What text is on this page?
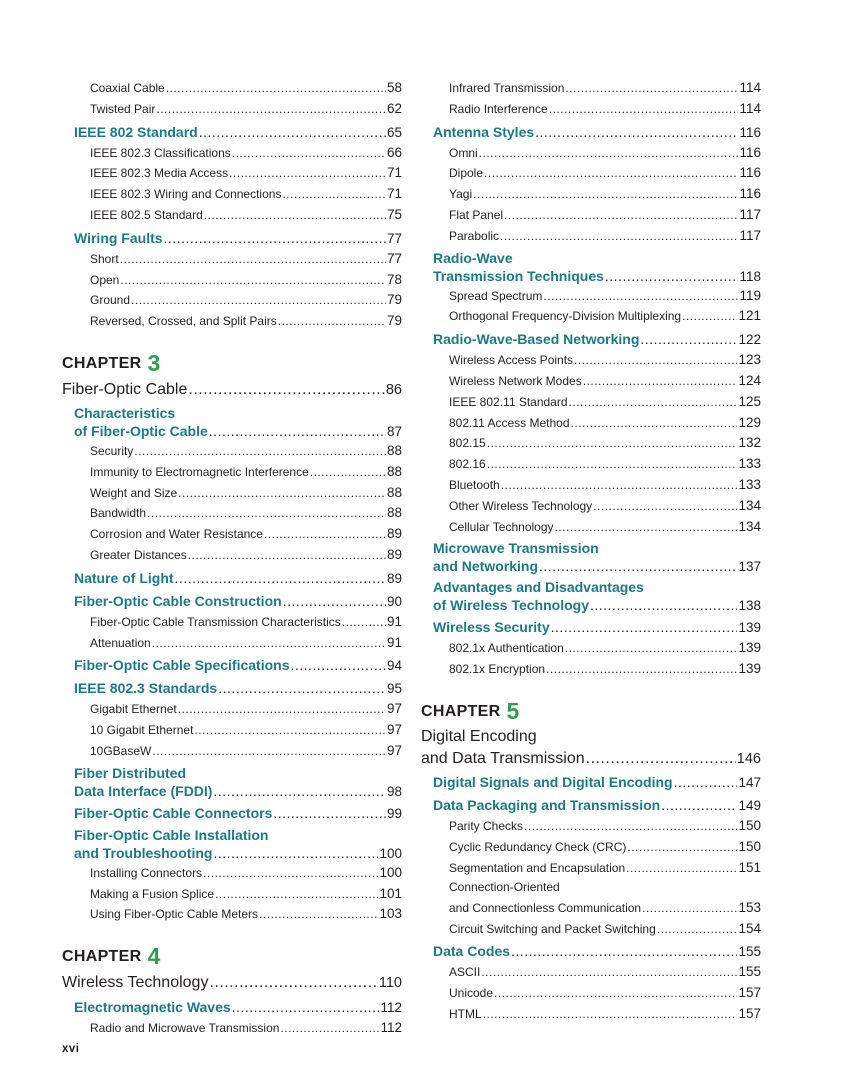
Coaxial Cable .....	58
Twisted Pair .....	62
IEEE 802 Standard .....	65
IEEE 802.3 Classifications .....	66
IEEE 802.3 Media Access .....	71
IEEE 802.3 Wiring and Connections .....	71
IEEE 802.5 Standard .....	75
Wiring Faults .....	77
Short .....	77
Open .....	78
Ground .....	79
Reversed, Crossed, and Split Pairs .....	79
CHAPTER 3
Fiber-Optic Cable .....	86
Characteristics
of Fiber-Optic Cable .....	87
Security .....	88
Immunity to Electromagnetic Interference .....	88
Weight and Size .....	88
Bandwidth .....	88
Corrosion and Water Resistance .....	89
Greater Distances .....	89
Nature of Light .....	89
Fiber-Optic Cable Construction .....	90
Fiber-Optic Cable Transmission Characteristics .....	91
Attenuation .....	91
Fiber-Optic Cable Specifications .....	94
IEEE 802.3 Standards .....	95
Gigabit Ethernet .....	97
10 Gigabit Ethernet .....	97
10GBaseW .....	97
Fiber Distributed
Data Interface (FDDI) .....	98
Fiber-Optic Cable Connectors .....	99
Fiber-Optic Cable Installation
and Troubleshooting .....	100
Installing Connectors .....	100
Making a Fusion Splice .....	101
Using Fiber-Optic Cable Meters .....	103
CHAPTER 4
Wireless Technology .....	110
Electromagnetic Waves .....	112
Radio and Microwave Transmission .....	112
Infrared Transmission .....	114
Radio Interference .....	114
Antenna Styles .....	116
Omni .....	116
Dipole .....	116
Yagi .....	116
Flat Panel .....	117
Parabolic .....	117
Radio-Wave
Transmission Techniques .....	118
Spread Spectrum .....	119
Orthogonal Frequency-Division Multiplexing .....	121
Radio-Wave-Based Networking .....	122
Wireless Access Points .....	123
Wireless Network Modes .....	124
IEEE 802.11 Standard .....	125
802.11 Access Method .....	129
802.15 .....	132
802.16 .....	133
Bluetooth .....	133
Other Wireless Technology .....	134
Cellular Technology .....	134
Microwave Transmission
and Networking .....	137
Advantages and Disadvantages
of Wireless Technology .....	138
Wireless Security .....	139
802.1x Authentication .....	139
802.1x Encryption .....	139
CHAPTER 5
Digital Encoding
and Data Transmission .....	146
Digital Signals and Digital Encoding .....	147
Data Packaging and Transmission .....	149
Parity Checks .....	150
Cyclic Redundancy Check (CRC) .....	150
Segmentation and Encapsulation .....	151
Connection-Oriented
and Connectionless Communication .....	153
Circuit Switching and Packet Switching .....	154
Data Codes .....	155
ASCII .....	155
Unicode .....	157
HTML .....	157
xvi
